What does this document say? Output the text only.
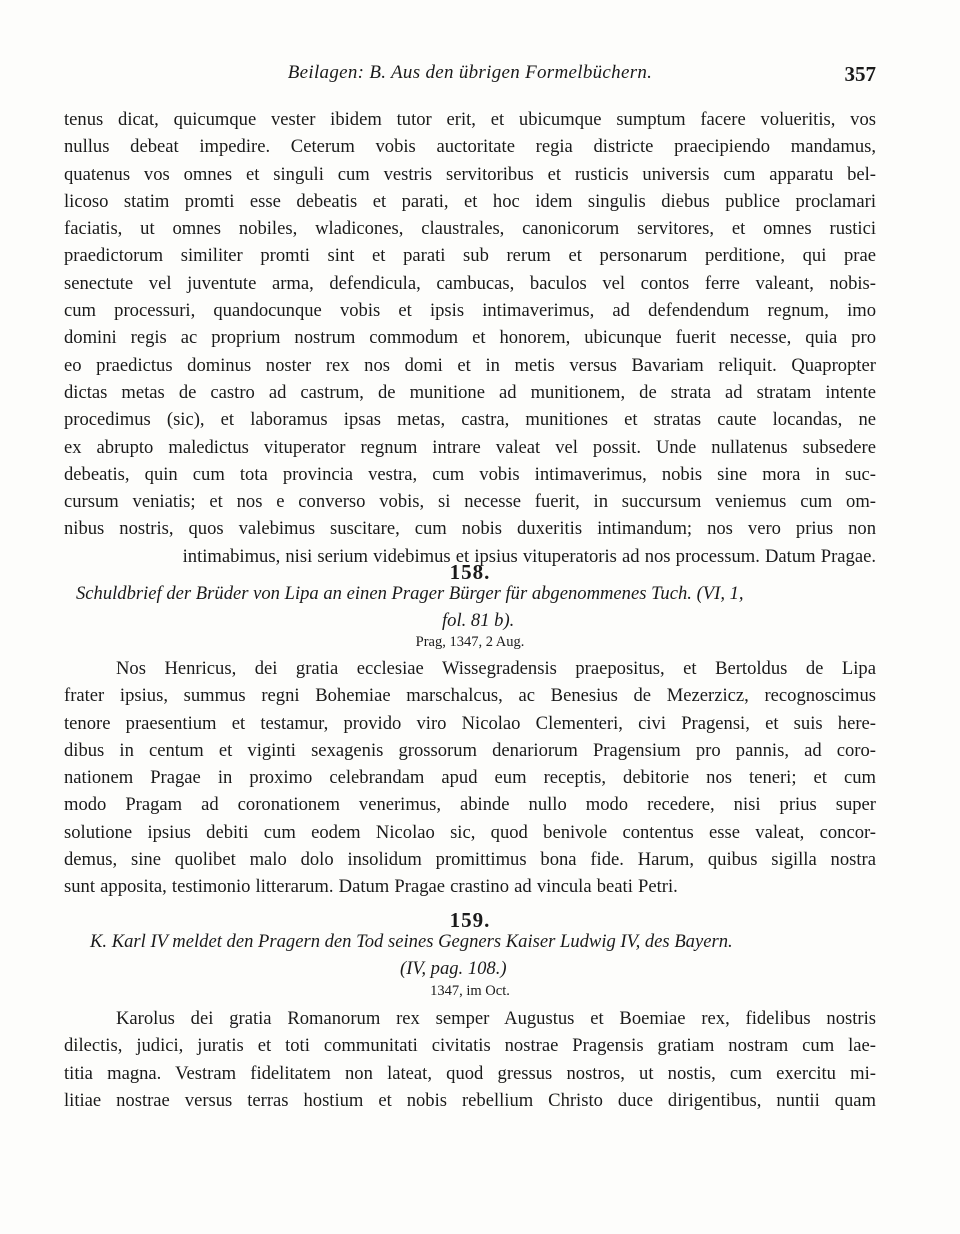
Beilagen: B. Aus den übrigen Formelbüchern.	357
tenus dicat, quicumque vester ibidem tutor erit, et ubicumque sumptum facere volueritis, vos
nullus debeat impedire. Ceterum vobis auctoritate regia districte praecipiendo mandamus,
quatenus vos omnes et singuli cum vestris servitoribus et rusticis universis cum apparatu bel-
licoso statim promti esse debeatis et parati, et hoc idem singulis diebus publice proclamari
faciatis, ut omnes nobiles, wladicones, claustrales, canonicorum servitores, et omnes rustici
praedictorum similiter promti sint et parati sub rerum et personarum perditione, qui prae
senectute vel juventute arma, defendicula, cambucas, baculos vel contos ferre valeant, nobis-
cum processuri, quandocunque vobis et ipsis intimaverimus, ad defendendum regnum, imo
domini regis ac proprium nostrum commodum et honorem, ubicunque fuerit necesse, quia pro
eo praedictus dominus noster rex nos domi et in metis versus Bavariam reliquit. Quapropter
dictas metas de castro ad castrum, de munitione ad munitionem, de strata ad stratam intente
procedimus (sic), et laboramus ipsas metas, castra, munitiones et stratas caute locandas, ne
ex abrupto maledictus vituperator regnum intrare valeat vel possit. Unde nullatenus subsedere
debeatis, quin cum tota provincia vestra, cum vobis intimaverimus, nobis sine mora in suc-
cursum veniatis; et nos e converso vobis, si necesse fuerit, in succursum veniemus cum om-
nibus nostris, quos valebimus suscitare, cum nobis duxeritis intimandum; nos vero prius non
intimabimus, nisi serium videbimus et ipsius vituperatoris ad nos processum. Datum Pragae.
158.
Schuldbrief der Brüder von Lipa an einen Prager Bürger für abgenommenes Tuch. (VI, 1,
fol. 81 b).
Prag, 1347, 2 Aug.
Nos Henricus, dei gratia ecclesiae Wissegradensis praepositus, et Bertoldus de Lipa
frater ipsius, summus regni Bohemiae marschalcus, ac Benesius de Mezerzicz, recognoscimus
tenore praesentium et testamur, provido viro Nicolao Clementeri, civi Pragensi, et suis here-
dibus in centum et viginti sexagenis grossorum denariorum Pragensium pro pannis, ad coro-
nationem Pragae in proximo celebrandam apud eum receptis, debitorie nos teneri; et cum
modo Pragam ad coronationem venerimus, abinde nullo modo recedere, nisi prius super
solutione ipsius debiti cum eodem Nicolao sic, quod benivole contentus esse valeat, concor-
demus, sine quolibet malo dolo insolidum promittimus bona fide. Harum, quibus sigilla nostra
sunt apposita, testimonio litterarum. Datum Pragae crastino ad vincula beati Petri.
159.
K. Karl IV meldet den Pragern den Tod seines Gegners Kaiser Ludwig IV, des Bayern.
(IV, pag. 108.)
1347, im Oct.
Karolus dei gratia Romanorum rex semper Augustus et Boemiae rex, fidelibus nostris
dilectis, judici, juratis et toti communitati civitatis nostrae Pragensis gratiam nostram cum lae-
titia magna. Vestram fidelitatem non lateat, quod gressus nostros, ut nostis, cum exercitu mi-
litiae nostrae versus terras hostium et nobis rebellium Christo duce dirigentibus, nuntii quam
